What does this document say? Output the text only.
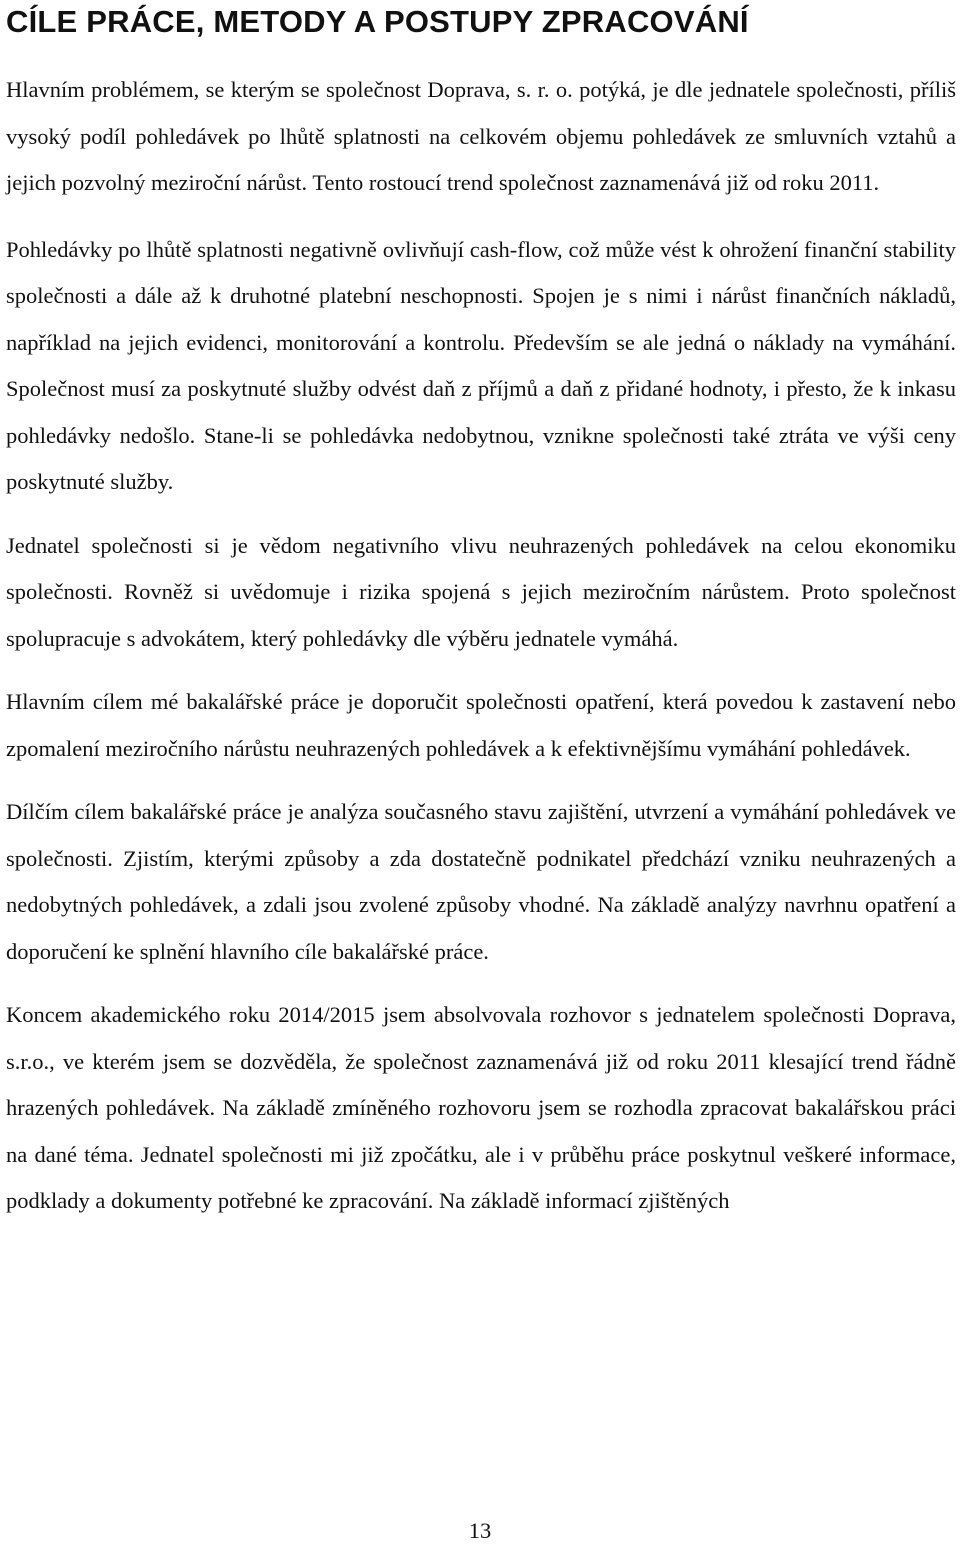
CÍLE PRÁCE, METODY A POSTUPY ZPRACOVÁNÍ

Hlavním problémem, se kterým se společnost Doprava, s. r. o. potýká, je dle jednatele společnosti, příliš vysoký podíl pohledávek po lhůtě splatnosti na celkovém objemu pohledávek ze smluvních vztahů a jejich pozvolný meziroční nárůst. Tento rostoucí trend společnost zaznamenává již od roku 2011.

Pohledávky po lhůtě splatnosti negativně ovlivňují cash-flow, což může vést k ohrožení finanční stability společnosti a dále až k druhotné platební neschopnosti. Spojen je s nimi i nárůst finančních nákladů, například na jejich evidenci, monitorování a kontrolu. Především se ale jedná o náklady na vymáhání. Společnost musí za poskytnuté služby odvést daň z příjmů a daň z přidané hodnoty, i přesto, že k inkasu pohledávky nedošlo. Stane-li se pohledávka nedobytnou, vznikne společnosti také ztráta ve výši ceny poskytnuté služby.

Jednatel společnosti si je vědom negativního vlivu neuhrazených pohledávek na celou ekonomiku společnosti. Rovněž si uvědomuje i rizika spojená s jejich meziročním nárůstem. Proto společnost spolupracuje s advokátem, který pohledávky dle výběru jednatele vymáhá.

Hlavním cílem mé bakalářské práce je doporučit společnosti opatření, která povedou k zastavení nebo zpomalení meziročního nárůstu neuhrazených pohledávek a k efektivnějšímu vymáhání pohledávek.

Dílčím cílem bakalářské práce je analýza současného stavu zajištění, utvrzení a vymáhání pohledávek ve společnosti. Zjistím, kterými způsoby a zda dostatečně podnikatel předchází vzniku neuhrazených a nedobytných pohledávek, a zdali jsou zvolené způsoby vhodné. Na základě analýzy navrhnu opatření a doporučení ke splnění hlavního cíle bakalářské práce.

Koncem akademického roku 2014/2015 jsem absolvovala rozhovor s jednatelem společnosti Doprava, s.r.o., ve kterém jsem se dozvěděla, že společnost zaznamenává již od roku 2011 klesající trend řádně hrazených pohledávek. Na základě zmíněného rozhovoru jsem se rozhodla zpracovat bakalářskou práci na dané téma. Jednatel společnosti mi již zpočátku, ale i v průběhu práce poskytnul veškeré informace, podklady a dokumenty potřebné ke zpracování. Na základě informací zjištěných

13
